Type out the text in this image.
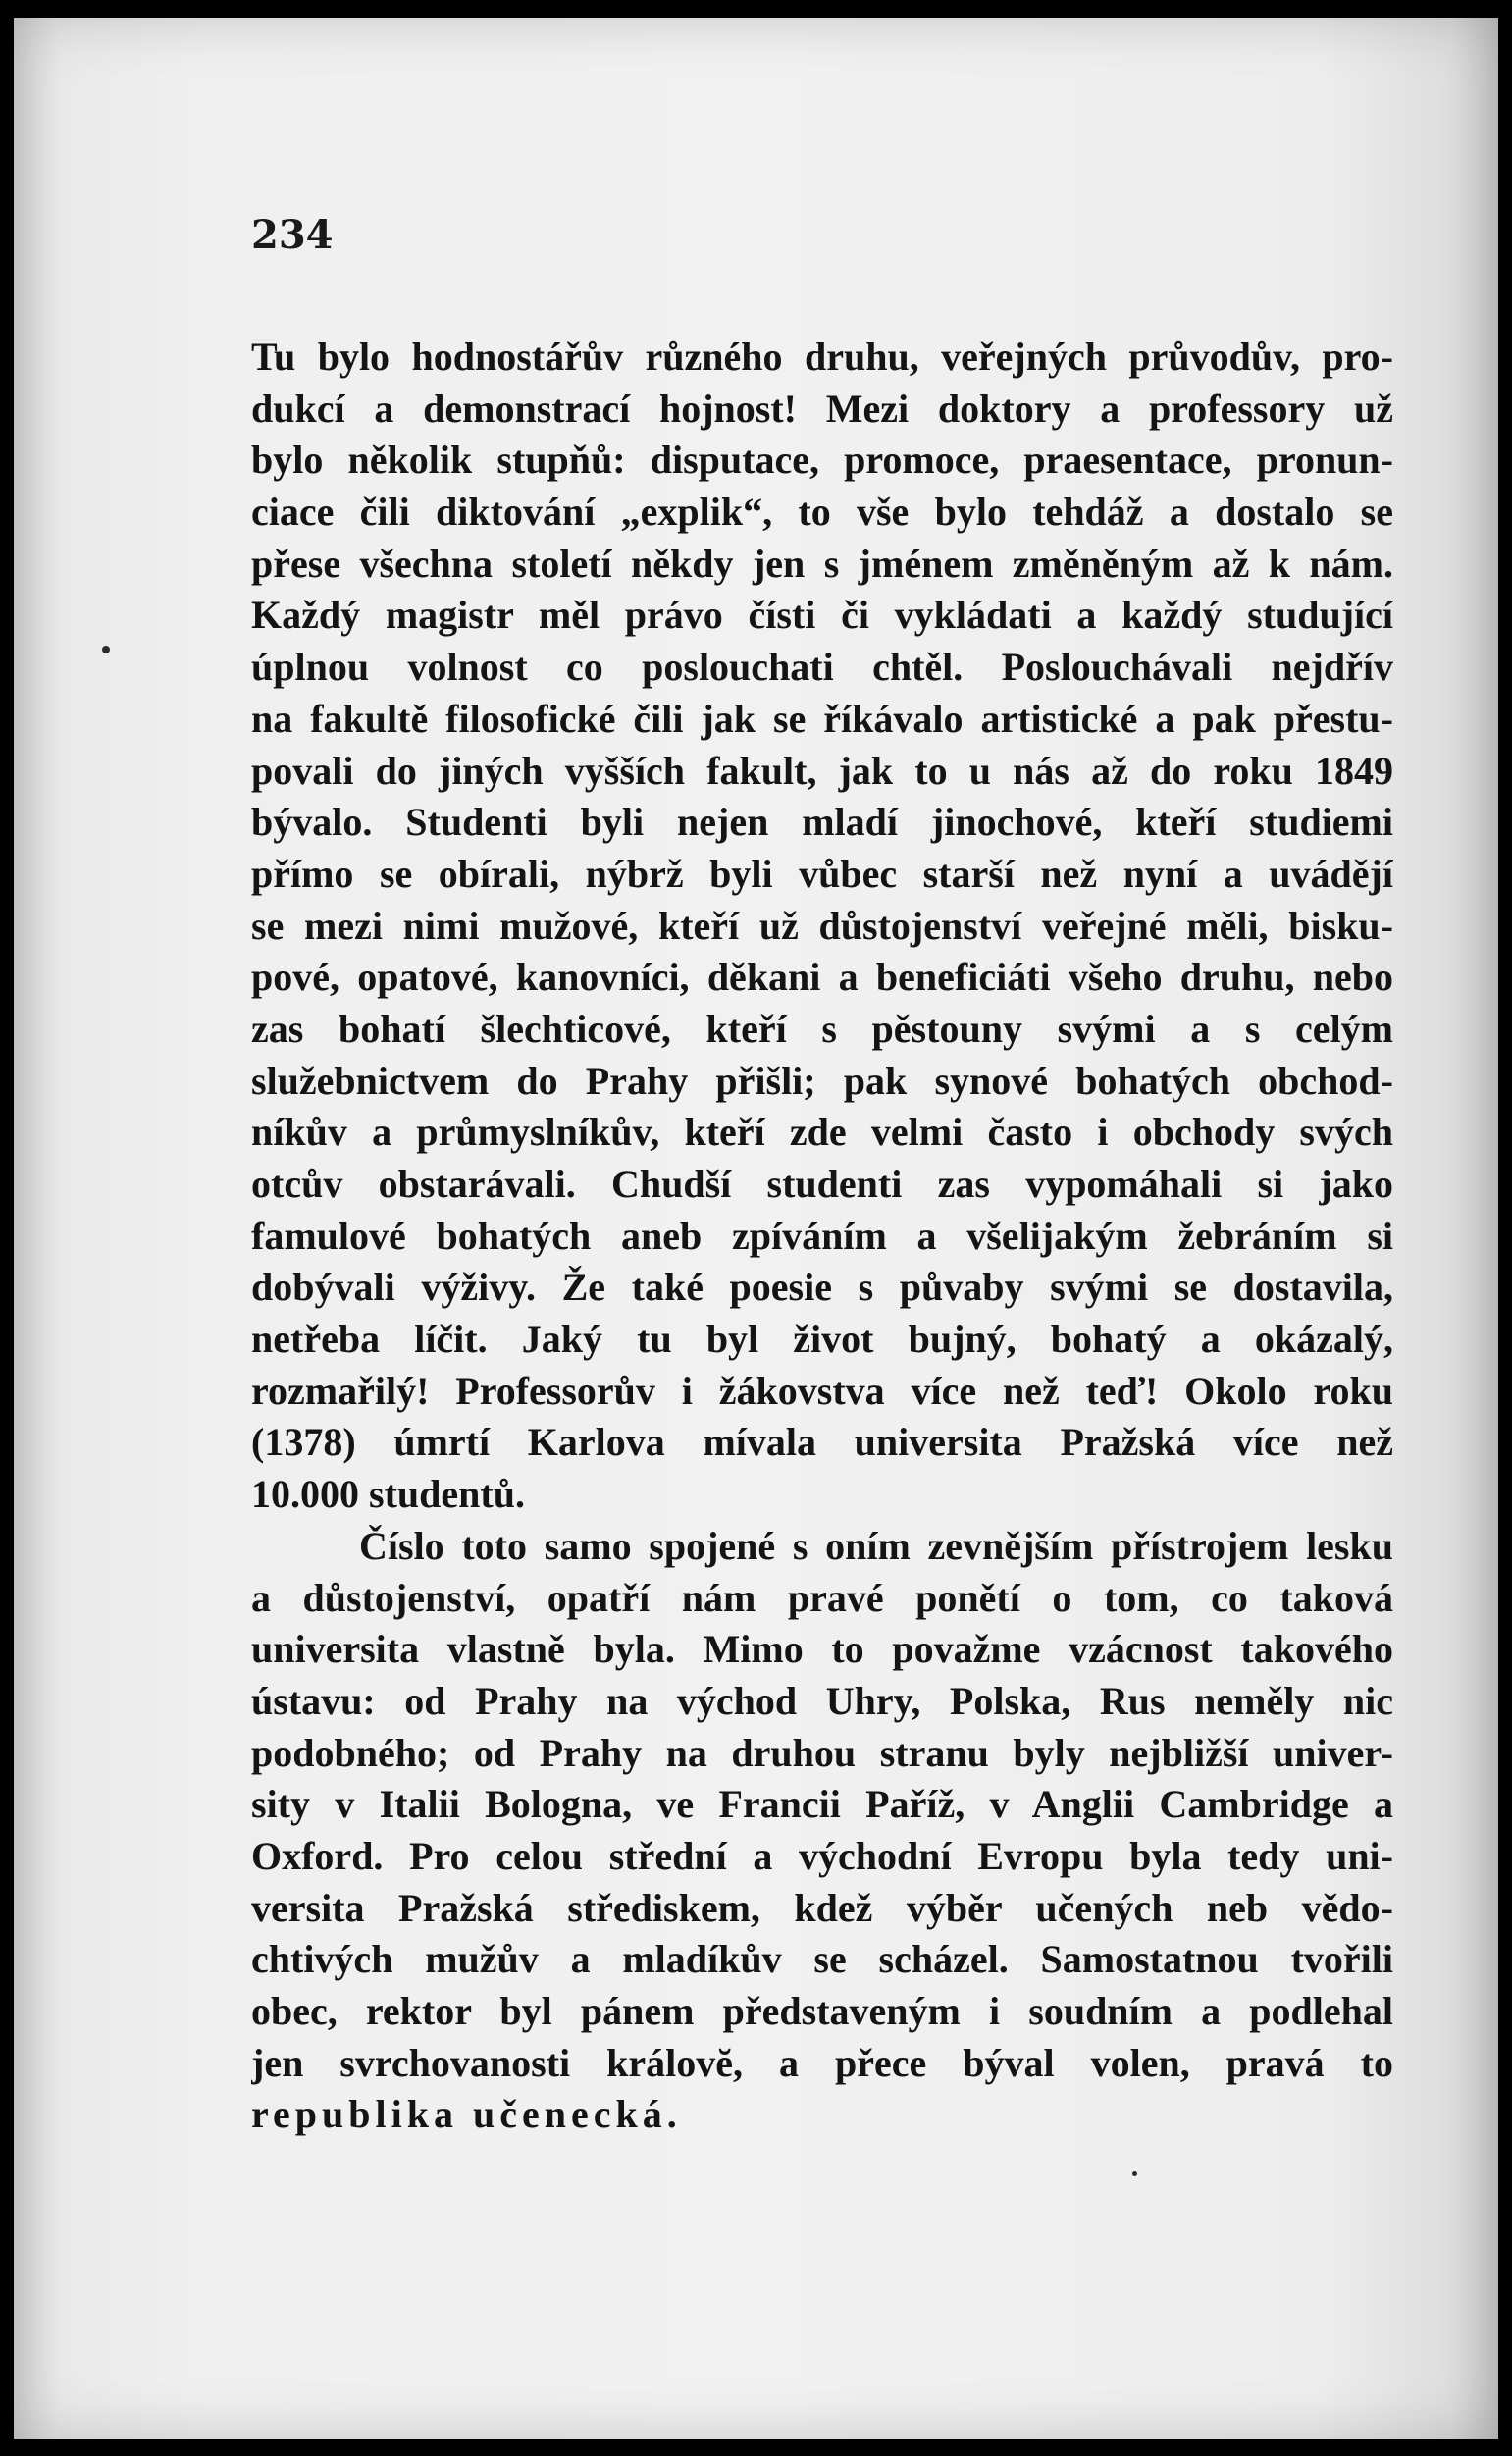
234

Tu bylo hodnostářův různého druhu, veřejných průvodův, pro-

dukcí a demonstrací hojnost! Mezi doktory a professory už

bylo několik stupňů: disputace, promoce, praesentace, pronun-

ciace čili diktování „explik“, to vše bylo tehdáž a dostalo se

přese všechna století někdy jen s jménem změněným až k nám.

Každý magistr měl právo čísti či vykládati a každý studující

úplnou volnost co poslouchati chtěl. Poslouchávali nejdřív

na fakultě filosofické čili jak se říkávalo artistické a pak přestu-

povali do jiných vyšších fakult, jak to u nás až do roku 1849

bývalo. Studenti byli nejen mladí jinochové, kteří studiemi

přímo se obírali, nýbrž byli vůbec starší než nyní a uvádějí

se mezi nimi mužové, kteří už důstojenství veřejné měli, bisku-

pové, opatové, kanovníci, děkani a beneficiáti všeho druhu, nebo

zas bohatí šlechticové, kteří s pěstouny svými a s celým

služebnictvem do Prahy přišli; pak synové bohatých obchod-

níkův a průmyslníkův, kteří zde velmi často i obchody svých

otcův obstarávali. Chudší studenti zas vypomáhali si jako

famulové bohatých aneb zpíváním a všelijakým žebráním si

dobývali výživy. Že také poesie s půvaby svými se dostavila,

netřeba líčit. Jaký tu byl život bujný, bohatý a okázalý,

rozmařilý! Professorův i žákovstva více než teď! Okolo roku

(1378) úmrtí Karlova mívala universita Pražská více než

10.000 studentů.

Číslo toto samo spojené s oním zevnějším přístrojem lesku

a důstojenství, opatří nám pravé ponětí o tom, co taková

universita vlastně byla. Mimo to považme vzácnost takového

ústavu: od Prahy na východ Uhry, Polska, Rus neměly nic

podobného; od Prahy na druhou stranu byly nejbližší univer-

sity v Italii Bologna, ve Francii Paříž, v Anglii Cambridge a

Oxford. Pro celou střední a východní Evropu byla tedy uni-

versita Pražská střediskem, kdež výběr učených neb vědo-

chtivých mužův a mladíkův se scházel. Samostatnou tvořili

obec, rektor byl pánem představeným i soudním a podlehal

jen svrchovanosti královĕ, a přece býval volen, pravá to

republika učenecká.
